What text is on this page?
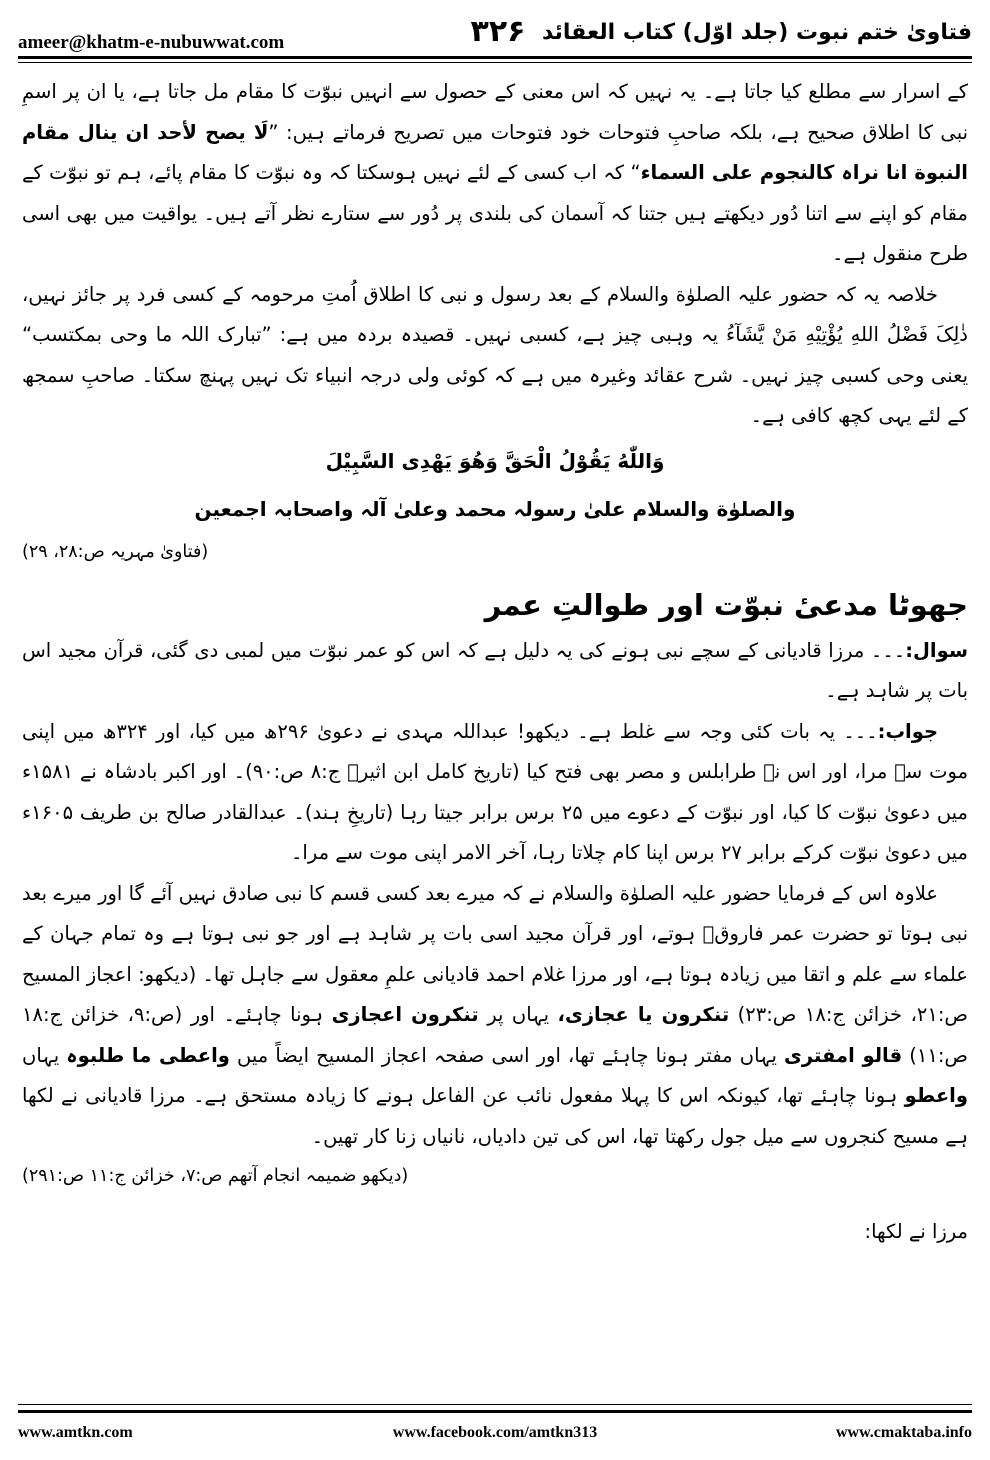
ameer@khatm-e-nubuwwat.com	۳۲۶ فتاویٰ ختم نبوت (جلد اوّل) کتاب العقائد

کے اسرار سے مطلع کیا جاتا ہے۔ یہ نہیں کہ اس معنی کے حصول سے انہیں نبوّت کا مقام مل جاتا ہے، یا ان پر اسمِ نبی کا اطلاق صحیح ہے، بلکہ صاحبِ فتوحات خود فتوحات میں تصریح فرماتے ہیں: ”لَا یصح لأحد ان ینال مقام النبوة انا نراہ کالنجوم علی السماء“ کہ اب کسی کے لئے نہیں ہوسکتا کہ وہ نبوّت کا مقام پائے، ہم تو نبوّت کے مقام کو اپنے سے اتنا دُور دیکھتے ہیں جتنا کہ آسمان کی بلندی پر دُور سے ستارے نظر آتے ہیں۔ یواقیت میں بھی اسی طرح منقول ہے۔

خلاصہ یہ کہ حضور علیہ الصلوٰة والسلام کے بعد رسول و نبی کا اطلاق اُمتِ مرحومہ کے کسی فرد پر جائز نہیں، ذٰلِکَ فَضْلُ اللهِ یُؤْتِیْهِ مَنْ یَّشَآءُ یہ وہبی چیز ہے، کسبی نہیں۔ قصیدہ بردہ میں ہے: ”تبارک اللہ ما وحی بمکتسب“ یعنی وحی کسبی چیز نہیں۔ شرح عقائد وغیرہ میں ہے کہ کوئی ولی درجہ انبیاء تک نہیں پہنچ سکتا۔ صاحبِ سمجھ کے لئے یہی کچھ کافی ہے۔

وَاللّٰهُ یَقُوْلُ الْحَقَّ وَهُوَ یَهْدِی السَّبِیْلَ

والصلوٰة والسلام علیٰ رسولہ محمد وعلیٰ آلہ واصحابہ اجمعین

(فتاویٰ مہریہ ص:۲۸، ۲۹)

جھوٹا مدعیٔ نبوّت اور طوالتِ عمر

سوال:۔۔۔ مرزا قادیانی کے سچے نبی ہونے کی یہ دلیل ہے کہ اس کو عمر نبوّت میں لمبی دی گئی، قرآن مجید اس بات پر شاہد ہے۔

جواب:۔۔۔ یہ بات کئی وجہ سے غلط ہے۔ دیکھو! عبداللہ مہدی نے دعویٰ ۲۹۶ھ میں کیا، اور ۳۲۴ھ میں اپنی موت سے مرا، اور اس نے طرابلس و مصر بھی فتح کیا (تاریخ کامل ابن اثیرؒ ج:۸ ص:۹۰)۔ اور اکبر بادشاہ نے ۱۵۸۱ء میں دعویٰ نبوّت کا کیا، اور نبوّت کے دعوے میں ۲۵ برس برابر جیتا رہا (تاریخِ ہند)۔ عبدالقادر صالح بن طریف ۱۶۰۵ء میں دعویٰ نبوّت کرکے برابر ۲۷ برس اپنا کام چلاتا رہا، آخر الامر اپنی موت سے مرا۔

علاوہ اس کے فرمایا حضور علیہ الصلوٰة والسلام نے کہ میرے بعد کسی قسم کا نبی صادق نہیں آئے گا اور میرے بعد نبی ہوتا تو حضرت عمر فاروقؓ ہوتے، اور قرآن مجید اسی بات پر شاہد ہے اور جو نبی ہوتا ہے وہ تمام جہان کے علماء سے علم و اتقا میں زیادہ ہوتا ہے، اور مرزا غلام احمد قادیانی علمِ معقول سے جاہل تھا۔ (دیکھو: اعجاز المسیح ص:۲۱، خزائن ج:۱۸ ص:۲۳) تنکرون یا عجازی، یہاں پر تنکرون اعجازی ہونا چاہئے۔ اور (ص:۹، خزائن ج:۱۸ ص:۱۱) قالو امفتری یہاں مفتر ہونا چاہئے تھا، اور اسی صفحہ اعجاز المسیح ایضاً میں واعطی ما طلبوہ یہاں واعطو ہونا چاہئے تھا، کیونکہ اس کا پہلا مفعول نائب عن الفاعل ہونے کا زیادہ مستحق ہے۔ مرزا قادیانی نے لکھا ہے مسیح کنجروں سے میل جول رکھتا تھا، اس کی تین دادیاں، نانیاں زنا کار تھیں۔

(دیکھو ضمیمہ انجام آتھم ص:۷، خزائن ج:۱۱ ص:۲۹۱)

مرزا نے لکھا:

www.amtkn.com	www.facebook.com/amtkn313	www.cmaktaba.info
